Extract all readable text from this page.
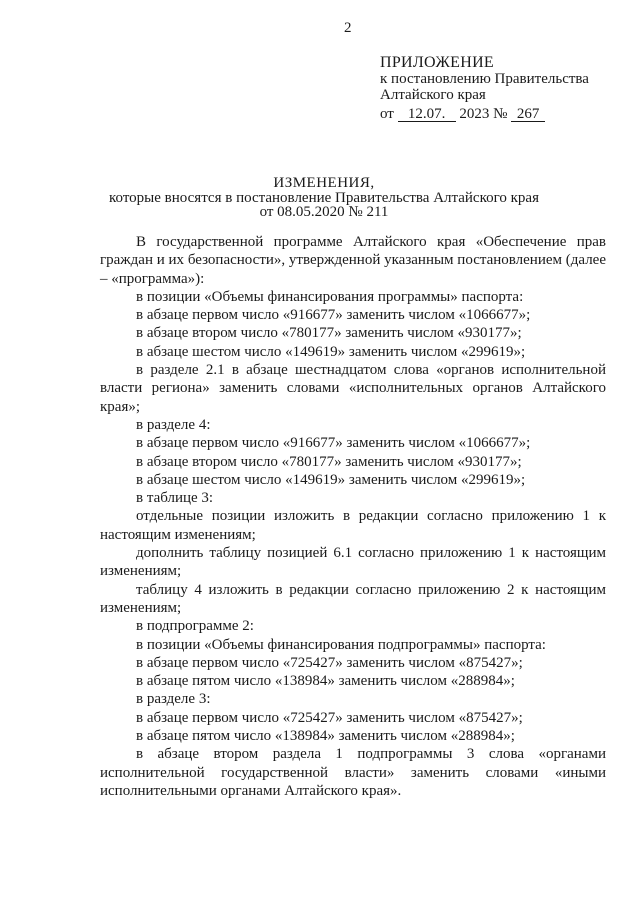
2
ПРИЛОЖЕНИЕ
к постановлению Правительства
Алтайского края
от 12.07. 2023 № 267
ИЗМЕНЕНИЯ,
которые вносятся в постановление Правительства Алтайского края
от 08.05.2020 № 211

В государственной программе Алтайского края «Обеспечение прав граждан и их безопасности», утвержденной указанным постановлением (далее – «программа»):

в позиции «Объемы финансирования программы» паспорта:

в абзаце первом число «916677» заменить числом «1066677»;

в абзаце втором число «780177» заменить числом «930177»;

в абзаце шестом число «149619» заменить числом «299619»;

в разделе 2.1 в абзаце шестнадцатом слова «органов исполнительной власти региона» заменить словами «исполнительных органов Алтайского края»;

в разделе 4:

в абзаце первом число «916677» заменить числом «1066677»;

в абзаце втором число «780177» заменить числом «930177»;

в абзаце шестом число «149619» заменить числом «299619»;

в таблице 3:

отдельные позиции изложить в редакции согласно приложению 1 к настоящим изменениям;

дополнить таблицу позицией 6.1 согласно приложению 1 к настоящим изменениям;

таблицу 4 изложить в редакции согласно приложению 2 к настоящим изменениям;

в подпрограмме 2:

в позиции «Объемы финансирования подпрограммы» паспорта:

в абзаце первом число «725427» заменить числом «875427»;

в абзаце пятом число «138984» заменить числом «288984»;

в разделе 3:

в абзаце первом число «725427» заменить числом «875427»;

в абзаце пятом число «138984» заменить числом «288984»;

в абзаце втором раздела 1 подпрограммы 3 слова «органами исполнительной государственной власти» заменить словами «иными исполнительными органами Алтайского края».
